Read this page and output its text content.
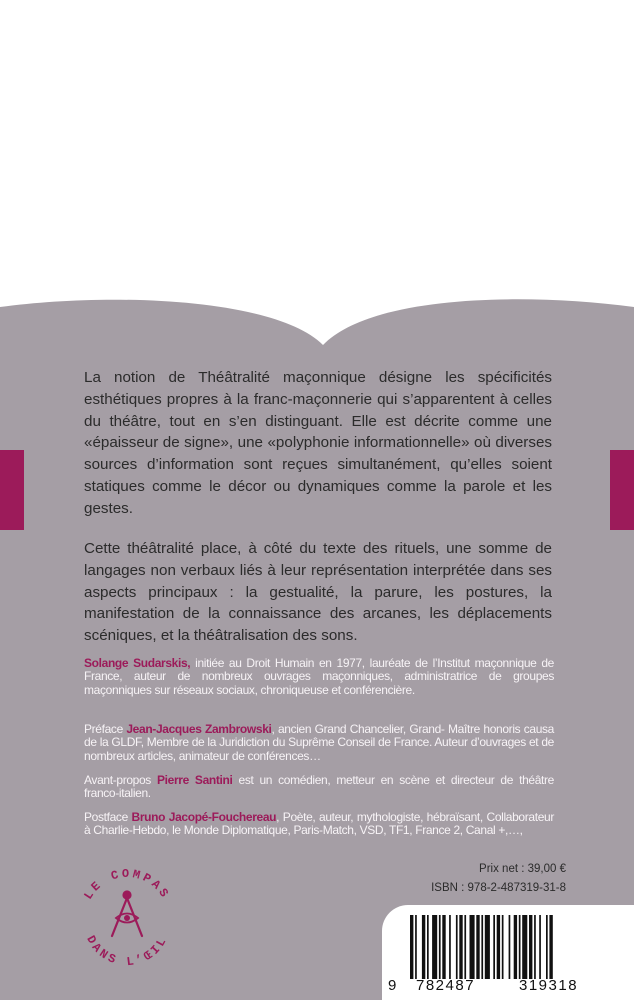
La notion de Théâtralité maçonnique désigne les spécificités esthétiques propres à la franc-maçonnerie qui s’apparentent à celles du théâtre, tout en s’en distinguant. Elle est décrite comme une «épaisseur de signe», une «polyphonie informationnelle» où diverses sources d’information sont reçues simultanément, qu’elles soient statiques comme le décor ou dynamiques comme la parole et les gestes.

Cette théâtralité place, à côté du texte des rituels, une somme de langages non verbaux liés à leur représentation interprétée dans ses aspects principaux : la gestualité, la parure, les postures, la manifestation de la connaissance des arcanes, les déplacements scéniques, et la théâtralisation des sons.

Solange Sudarskis, initiée au Droit Humain en 1977, lauréate de l’Institut maçonnique de France, auteur de nombreux ouvrages maçonniques, administratrice de groupes maçonniques sur réseaux sociaux, chroniqueuse et conférencière.

Préface Jean-Jacques Zambrowski, ancien Grand Chancelier, Grand- Maître honoris causa de la GLDF, Membre de la Juridiction du Suprême Conseil de France. Auteur d’ouvrages et de nombreux articles, animateur de conférences…

Avant-propos Pierre Santini est un comédien, metteur en scène et directeur de théâtre franco-italien.

Postface Bruno Jacopé-Fouchereau, Poète, auteur, mythologiste, hébraïsant, Collaborateur à Charlie-Hebdo, le Monde Diplomatique, Paris-Match, VSD, TF1, France 2, Canal +,…,

Prix net : 39,00 €

ISBN : 978-2-487319-31-8

LE COMPAS
DANS L’ŒIL
9 782487	319318
